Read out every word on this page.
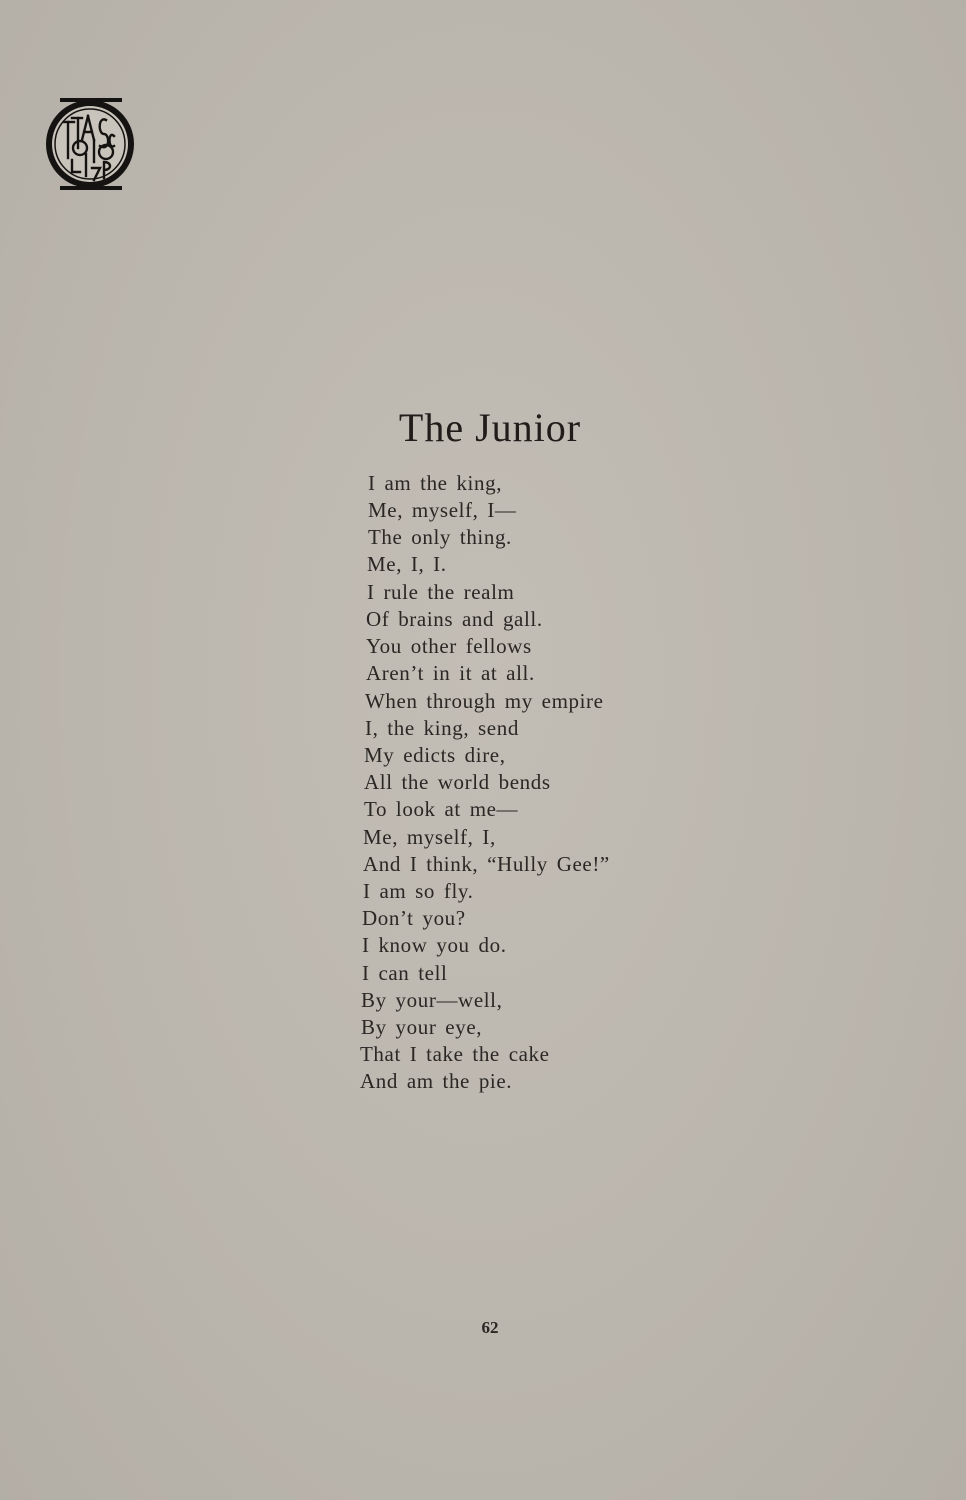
The Junior
I am the king,
Me, myself, I—
The only thing.
Me, I, I.
I rule the realm
Of brains and gall.
You other fellows
Aren’t in it at all.
When through my empire
I, the king, send
My edicts dire,
All the world bends
To look at me—
Me, myself, I,
And I think, “Hully Gee!”
I am so fly.
Don’t you?
I know you do.
I can tell
By your—well,
By your eye,
That I take the cake
And am the pie.
62
